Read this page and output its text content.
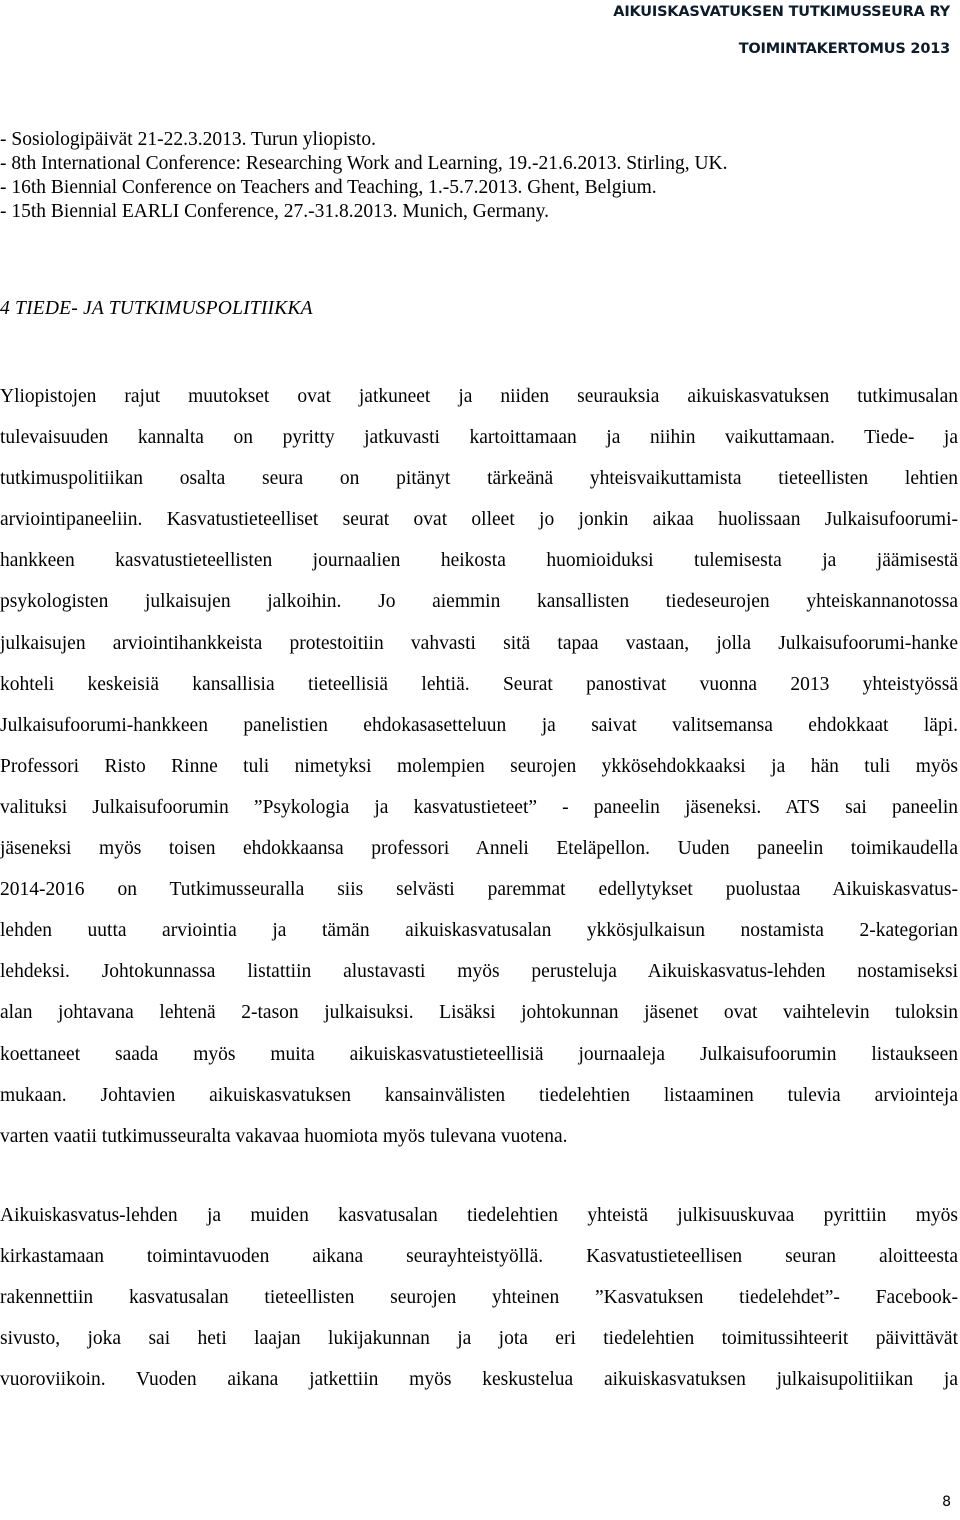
AIKUISKASVATUKSEN TUTKIMUSSEURA RY
TOIMINTAKERTOMUS 2013
- Sosiologipäivät 21-22.3.2013. Turun yliopisto.
- 8th International Conference: Researching Work and Learning, 19.-21.6.2013. Stirling, UK.
- 16th Biennial Conference on Teachers and Teaching, 1.-5.7.2013. Ghent, Belgium.
- 15th Biennial EARLI Conference, 27.-31.8.2013. Munich, Germany.
4 TIEDE- JA TUTKIMUSPOLITIIKKA
Yliopistojen rajut muutokset ovat jatkuneet ja niiden seurauksia aikuiskasvatuksen tutkimusalan
tulevaisuuden kannalta on pyritty jatkuvasti kartoittamaan ja niihin vaikuttamaan. Tiede- ja
tutkimuspolitiikan osalta seura on pitänyt tärkeänä yhteisvaikuttamista tieteellisten lehtien
arviointipaneeliin. Kasvatustieteelliset seurat ovat olleet jo jonkin aikaa huolissaan Julkaisufoorumi-
hankkeen kasvatustieteellisten journaalien heikosta huomioiduksi tulemisesta ja jäämisestä
psykologisten julkaisujen jalkoihin. Jo aiemmin kansallisten tiedeseurojen yhteiskannanotossa
julkaisujen arviointihankkeista protestoitiin vahvasti sitä tapaa vastaan, jolla Julkaisufoorumi-hanke
kohteli keskeisiä kansallisia tieteellisiä lehtiä. Seurat panostivat vuonna 2013 yhteistyössä
Julkaisufoorumi-hankkeen panelistien ehdokasasetteluun ja saivat valitsemansa ehdokkaat läpi.
Professori Risto Rinne tuli nimetyksi molempien seurojen ykkösehdokkaaksi ja hän tuli myös
valituksi Julkaisufoorumin ”Psykologia ja kasvatustieteet” - paneelin jäseneksi. ATS sai paneelin
jäseneksi myös toisen ehdokkaansa professori Anneli Eteläpellon. Uuden paneelin toimikaudella
2014-2016 on Tutkimusseuralla siis selvästi paremmat edellytykset puolustaa Aikuiskasvatus-
lehden uutta arviointia ja tämän aikuiskasvatusalan ykkösjulkaisun nostamista 2-kategorian
lehdeksi. Johtokunnassa listattiin alustavasti myös perusteluja Aikuiskasvatus-lehden nostamiseksi
alan johtavana lehtenä 2-tason julkaisuksi. Lisäksi johtokunnan jäsenet ovat vaihtelevin tuloksin
koettaneet saada myös muita aikuiskasvatustieteellisiä journaaleja Julkaisufoorumin listaukseen
mukaan. Johtavien aikuiskasvatuksen kansainvälisten tiedelehtien listaaminen tulevia arviointeja
varten vaatii tutkimusseuralta vakavaa huomiota myös tulevana vuotena.
Aikuiskasvatus-lehden ja muiden kasvatusalan tiedelehtien yhteistä julkisuuskuvaa pyrittiin myös
kirkastamaan toimintavuoden aikana seurayhteistyöllä. Kasvatustieteellisen seuran aloitteesta
rakennettiin kasvatusalan tieteellisten seurojen yhteinen ”Kasvatuksen tiedelehdet”- Facebook-
sivusto, joka sai heti laajan lukijakunnan ja jota eri tiedelehtien toimitussihteerit päivittävät
vuoroviikoin. Vuoden aikana jatkettiin myös keskustelua aikuiskasvatuksen julkaisupolitiikan ja
8
